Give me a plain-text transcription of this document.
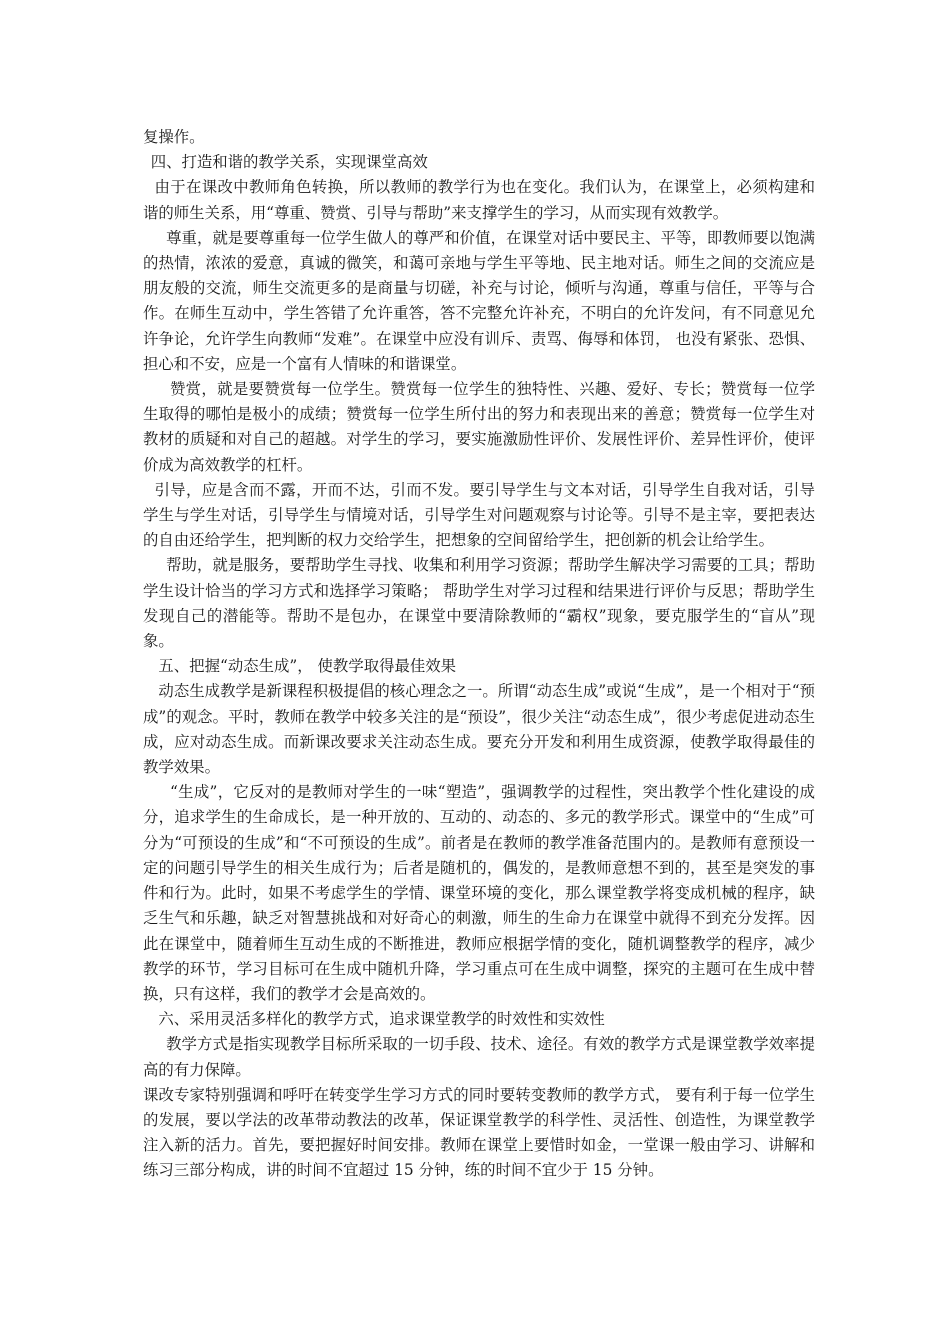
复操作。

四、打造和谐的教学关系，实现课堂高效

由于在课改中教师角色转换，所以教师的教学行为也在变化。我们认为，在课堂上，必须构建和谐的师生关系，用“尊重、赞赏、引导与帮助”来支撑学生的学习，从而实现有效教学。

尊重，就是要尊重每一位学生做人的尊严和价值，在课堂对话中要民主、平等，即教师要以饱满的热情，浓浓的爱意，真诚的微笑，和蔼可亲地与学生平等地、民主地对话。师生之间的交流应是朋友般的交流，师生交流更多的是商量与切磋，补充与讨论，倾听与沟通，尊重与信任，平等与合作。在师生互动中，学生答错了允许重答，答不完整允许补充，不明白的允许发问，有不同意见允许争论，允许学生向教师“发难”。在课堂中应没有训斥、责骂、侮辱和体罚， 也没有紧张、恐惧、担心和不安，应是一个富有人情味的和谐课堂。

赞赏，就是要赞赏每一位学生。赞赏每一位学生的独特性、兴趣、爱好、专长；赞赏每一位学生取得的哪怕是极小的成绩；赞赏每一位学生所付出的努力和表现出来的善意；赞赏每一位学生对教材的质疑和对自己的超越。对学生的学习，要实施激励性评价、发展性评价、差异性评价，使评价成为高效教学的杠杆。

引导，应是含而不露，开而不达，引而不发。要引导学生与文本对话，引导学生自我对话，引导学生与学生对话，引导学生与情境对话，引导学生对问题观察与讨论等。引导不是主宰，要把表达的自由还给学生，把判断的权力交给学生，把想象的空间留给学生，把创新的机会让给学生。

帮助，就是服务，要帮助学生寻找、收集和利用学习资源；帮助学生解决学习需要的工具；帮助学生设计恰当的学习方式和选择学习策略； 帮助学生对学习过程和结果进行评价与反思；帮助学生发现自己的潜能等。帮助不是包办，在课堂中要清除教师的“霸权”现象，要克服学生的“盲从”现象。

五、把握“动态生成”， 使教学取得最佳效果

动态生成教学是新课程积极提倡的核心理念之一。所谓“动态生成”或说“生成”，是一个相对于“预成”的观念。平时，教师在教学中较多关注的是“预设”，很少关注“动态生成”，很少考虑促进动态生成，应对动态生成。而新课改要求关注动态生成。要充分开发和利用生成资源，使教学取得最佳的教学效果。

“生成”，它反对的是教师对学生的一味“塑造”，强调教学的过程性，突出教学个性化建设的成分，追求学生的生命成长，是一种开放的、互动的、动态的、多元的教学形式。课堂中的“生成”可分为“可预设的生成”和“不可预设的生成”。前者是在教师的教学准备范围内的。是教师有意预设一定的问题引导学生的相关生成行为；后者是随机的，偶发的，是教师意想不到的，甚至是突发的事件和行为。此时，如果不考虑学生的学情、课堂环境的变化，那么课堂教学将变成机械的程序，缺乏生气和乐趣，缺乏对智慧挑战和对好奇心的刺激，师生的生命力在课堂中就得不到充分发挥。因此在课堂中，随着师生互动生成的不断推进，教师应根据学情的变化，随机调整教学的程序，减少教学的环节，学习目标可在生成中随机升降，学习重点可在生成中调整，探究的主题可在生成中替换，只有这样，我们的教学才会是高效的。

六、采用灵活多样化的教学方式，追求课堂教学的时效性和实效性

教学方式是指实现教学目标所采取的一切手段、技术、途径。有效的教学方式是课堂教学效率提高的有力保障。

课改专家特别强调和呼吁在转变学生学习方式的同时要转变教师的教学方式， 要有利于每一位学生的发展，要以学法的改革带动教法的改革，保证课堂教学的科学性、灵活性、创造性，为课堂教学注入新的活力。首先，要把握好时间安排。教师在课堂上要惜时如金，一堂课一般由学习、讲解和练习三部分构成，讲的时间不宜超过 15 分钟，练的时间不宜少于 15 分钟。
